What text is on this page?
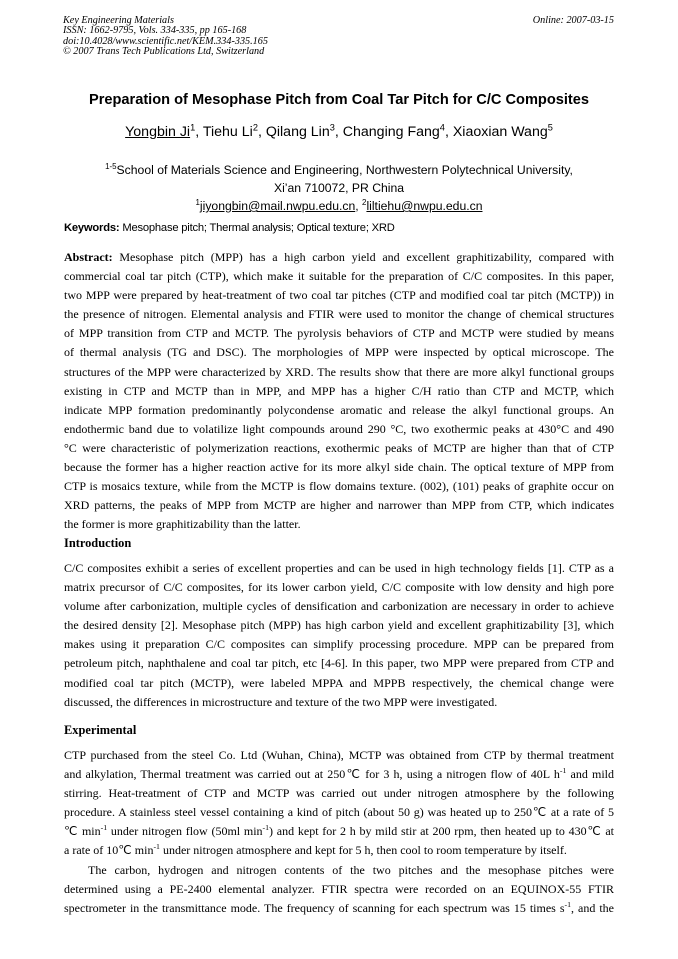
Key Engineering Materials
ISSN: 1662-9795, Vols. 334-335, pp 165-168
doi:10.4028/www.scientific.net/KEM.334-335.165
© 2007 Trans Tech Publications Ltd, Switzerland
Online: 2007-03-15
Preparation of Mesophase Pitch from Coal Tar Pitch for C/C Composites
Yongbin Ji$^1$, Tiehu Li$^2$, Qilang Lin$^3$, Changing Fang$^4$, Xiaoxian Wang$^5$
$^{1-5}$School of Materials Science and Engineering, Northwestern Polytechnical University,
Xi’an 710072, PR China
$^1$jiyongbin@mail.nwpu.edu.cn, $^2$liltiehu@nwpu.edu.cn
Keywords: Mesophase pitch; Thermal analysis; Optical texture; XRD
Abstract: Mesophase pitch (MPP) has a high carbon yield and excellent graphitizability, compared with
commercial coal tar pitch (CTP), which make it suitable for the preparation of C/C composites. In this paper,
two MPP were prepared by heat-treatment of two coal tar pitches (CTP and modified coal tar pitch (MCTP)) in
the presence of nitrogen. Elemental analysis and FTIR were used to monitor the change of chemical structures
of MPP transition from CTP and MCTP. The pyrolysis behaviors of CTP and MCTP were studied by means
of thermal analysis (TG and DSC). The morphologies of MPP were inspected by optical microscope. The
structures of the MPP were characterized by XRD. The results show that there are more alkyl functional groups
existing in CTP and MCTP than in MPP, and MPP has a higher C/H ratio than CTP and MCTP, which
indicate MPP formation predominantly polycondense aromatic and release the alkyl functional groups. An
endothermic band due to volatilize light compounds around 290 °C, two exothermic peaks at 430°C and 490
°C were characteristic of polymerization reactions, exothermic peaks of MCTP are higher than that of CTP
because the former has a higher reaction active for its more alkyl side chain. The optical texture of MPP from
CTP is mosaics texture, while from the MCTP is flow domains texture. (002), (101) peaks of graphite occur on
XRD patterns, the peaks of MPP from MCTP are higher and narrower than MPP from CTP, which indicates
the former is more graphitizability than the latter.
Introduction
C/C composites exhibit a series of excellent properties and can be used in high technology fields [1]. CTP as a
matrix precursor of C/C composites, for its lower carbon yield, C/C composite with low density and high pore
volume after carbonization, multiple cycles of densification and carbonization are necessary in order to achieve
the desired density [2]. Mesophase pitch (MPP) has high carbon yield and excellent graphitizability [3], which
makes using it preparation C/C composites can simplify processing procedure. MPP can be prepared from
petroleum pitch, naphthalene and coal tar pitch, etc [4-6]. In this paper, two MPP were prepared from CTP and
modified coal tar pitch (MCTP), were labeled MPPA and MPPB respectively, the chemical change were
discussed, the differences in microstructure and texture of the two MPP were investigated.
Experimental
CTP purchased from the steel Co. Ltd (Wuhan, China), MCTP was obtained from CTP by thermal treatment
and alkylation, Thermal treatment was carried out at 250℃ for 3 h, using a nitrogen flow of 40L $h^{-1}$ and mild
stirring. Heat-treatment of CTP and MCTP was carried out under nitrogen atmosphere by the following
procedure. A stainless steel vessel containing a kind of pitch (about 50 g) was heated up to 250℃ at a rate of 5
℃ $\min^{-1}$ under nitrogen flow (50ml $\min^{-1}$) and kept for 2 h by mild stir at 200 rpm, then heated up to 430℃ at
a rate of 10℃ $\min^{-1}$ under nitrogen atmosphere and kept for 5 h, then cool to room temperature by itself.
The carbon, hydrogen and nitrogen contents of the two pitches and the mesophase pitches were
determined using a PE-2400 elemental analyzer. FTIR spectra were recorded on an EQUINOX-55 FTIR
spectrometer in the transmittance mode. The frequency of scanning for each spectrum was 15 times $s^{-1}$, and the
